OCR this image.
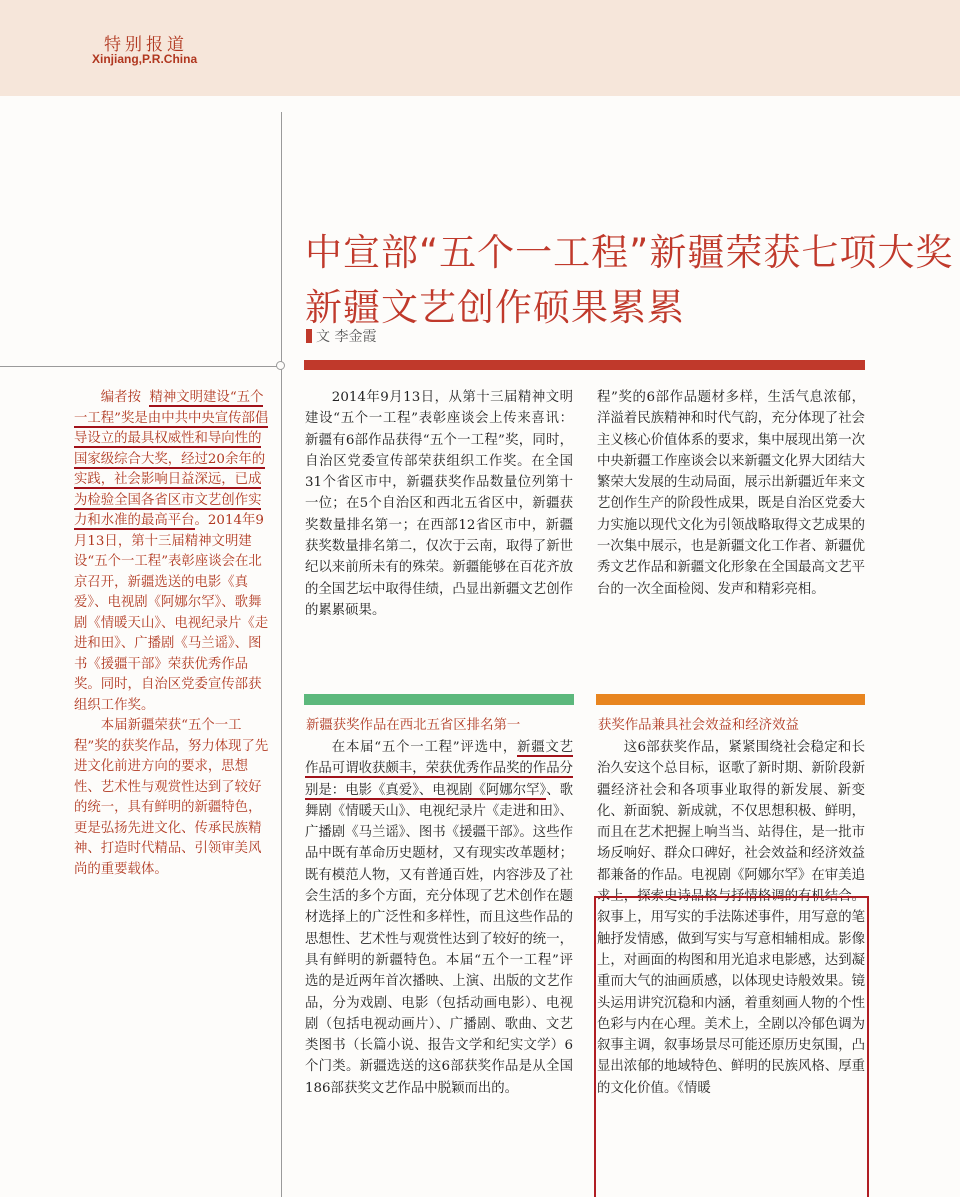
特别报道
Xinjiang,P.R.China
中宣部“五个一工程”新疆荣获七项大奖
新疆文艺创作硕果累累
文 李金霞

编者按 精神文明建设“五个一工程”奖是由中共中央宣传部倡导设立的最具权威性和导向性的国家级综合大奖，经过20余年的实践，社会影响日益深远，已成为检验全国各省区市文艺创作实力和水准的最高平台。2014年9月13日，第十三届精神文明建设“五个一工程”表彰座谈会在北京召开，新疆选送的电影《真爱》、电视剧《阿娜尔罕》、歌舞剧《情暖天山》、电视纪录片《走进和田》、广播剧《马兰谣》、图书《援疆干部》荣获优秀作品奖。同时，自治区党委宣传部获组织工作奖。

本届新疆荣获“五个一工程”奖的获奖作品，努力体现了先进文化前进方向的要求，思想性、艺术性与观赏性达到了较好的统一，具有鲜明的新疆特色，更是弘扬先进文化、传承民族精神、打造时代精品、引领审美风尚的重要载体。

2014年9月13日，从第十三届精神文明建设“五个一工程”表彰座谈会上传来喜讯：新疆有6部作品获得“五个一工程”奖，同时，自治区党委宣传部荣获组织工作奖。在全国31个省区市中，新疆获奖作品数量位列第十一位；在5个自治区和西北五省区中，新疆获奖数量排名第一；在西部12省区市中，新疆获奖数量排名第二，仅次于云南，取得了新世纪以来前所未有的殊荣。新疆能够在百花齐放的全国艺坛中取得佳绩，凸显出新疆文艺创作的累累硕果。

程”奖的6部作品题材多样，生活气息浓郁，洋溢着民族精神和时代气韵，充分体现了社会主义核心价值体系的要求，集中展现出第一次中央新疆工作座谈会以来新疆文化界大团结大繁荣大发展的生动局面，展示出新疆近年来文艺创作生产的阶段性成果，既是自治区党委大力实施以现代文化为引领战略取得文艺成果的一次集中展示，也是新疆文化工作者、新疆优秀文艺作品和新疆文化形象在全国最高文艺平台的一次全面检阅、发声和精彩亮相。

新疆获奖作品在西北五省区排名第一	获奖作品兼具社会效益和经济效益

在本届“五个一工程”评选中，新疆文艺作品可谓收获颇丰，荣获优秀作品奖的作品分别是：电影《真爱》、电视剧《阿娜尔罕》、歌舞剧《情暖天山》、电视纪录片《走进和田》、广播剧《马兰谣》、图书《援疆干部》。这些作品中既有革命历史题材，又有现实改革题材；既有模范人物，又有普通百姓，内容涉及了社会生活的多个方面，充分体现了艺术创作在题材选择上的广泛性和多样性，而且这些作品的思想性、艺术性与观赏性达到了较好的统一，具有鲜明的新疆特色。本届“五个一工程”评选的是近两年首次播映、上演、出版的文艺作品，分为戏剧、电影（包括动画电影）、电视剧（包括电视动画片）、广播剧、歌曲、文艺类图书（长篇小说、报告文学和纪实文学）6个门类。新疆选送的这6部获奖作品是从全国186部获奖文艺作品中脱颖而出的。

这6部获奖作品，紧紧围绕社会稳定和长治久安这个总目标，讴歌了新时期、新阶段新疆经济社会和各项事业取得的新发展、新变化、新面貌、新成就，不仅思想积极、鲜明，而且在艺术把握上响当当、站得住，是一批市场反响好、群众口碑好，社会效益和经济效益都兼备的作品。电视剧《阿娜尔罕》在审美追求上，探索史诗品格与抒情格调的有机结合。叙事上，用写实的手法陈述事件，用写意的笔触抒发情感，做到写实与写意相辅相成。影像上，对画面的构图和用光追求电影感，达到凝重而大气的油画质感，以体现史诗般效果。镜头运用讲究沉稳和内涵，着重刻画人物的个性色彩与内在心理。美术上，全剧以冷郁色调为叙事主调，叙事场景尽可能还原历史氛围，凸显出浓郁的地域特色、鲜明的民族风格、厚重的文化价值。《情暖
